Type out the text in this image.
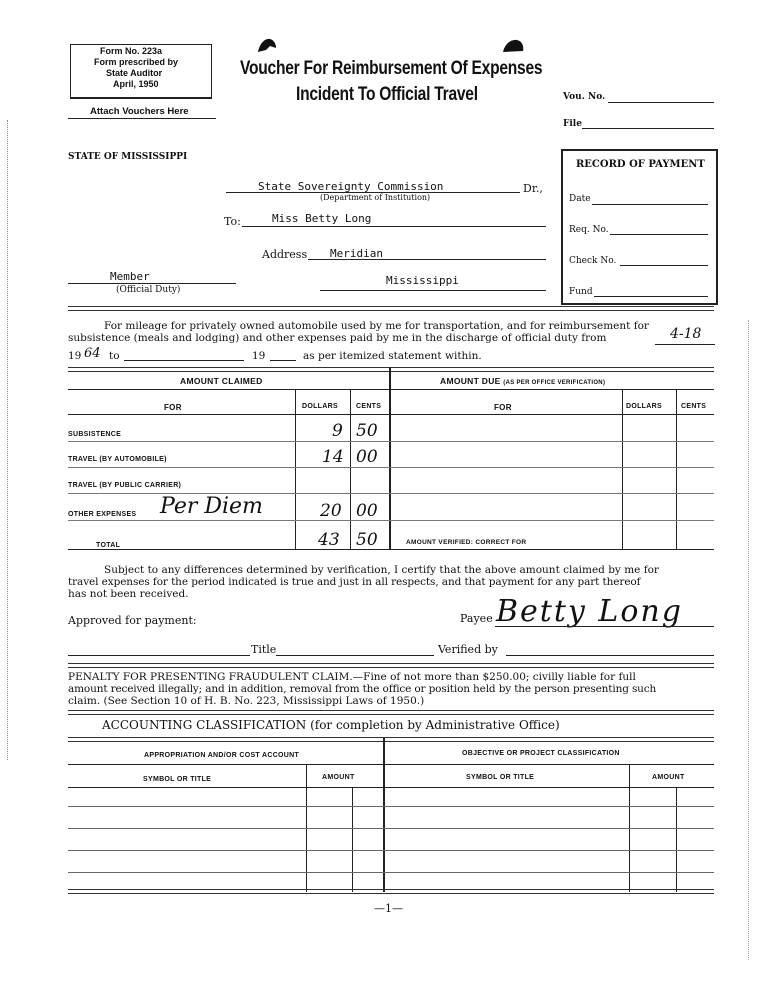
Form No. 223a
Form prescribed by
State Auditor
April, 1950
Attach Vouchers Here
Voucher For Reimbursement Of Expenses
Incident To Official Travel	Vou. No.
File
STATE OF MISSISSIPPI
RECORD OF PAYMENT
Date
Req. No.
Check No.
Fund
State Sovereignty Commission	Dr.,
(Department of Institution)
To:	Miss Betty Long
Address Meridian
Member
(Official Duty)
Mississippi
For mileage for privately owned automobile used by me for transportation, and for reimbursement for
subsistence (meals and lodging) and other expenses paid by me in the discharge of official duty from	4-18
19 64 to	19	as per itemized statement within.
AMOUNT CLAIMED	AMOUNT DUE (AS PER OFFICE VERIFICATION)
FOR	DOLLARS	CENTS	FOR	DOLLARS	CENTS
SUBSISTENCE	9 50
TRAVEL (BY AUTOMOBILE)	14 00
TRAVEL (BY PUBLIC CARRIER)
OTHER EXPENSES Per Diem	20 00
TOTAL	43 50	AMOUNT VERIFIED: CORRECT FOR
Subject to any differences determined by verification, I certify that the above amount claimed by me for
travel expenses for the period indicated is true and just in all respects, and that payment for any part thereof
has not been received.
Approved for payment:	Payee Betty Long
Title	Verified by
PENALTY FOR PRESENTING FRAUDULENT CLAIM.—Fine of not more than $250.00; civilly liable for full
amount received illegally; and in addition, removal from the office or position held by the person presenting such
claim. (See Section 10 of H. B. No. 223, Mississippi Laws of 1950.)
ACCOUNTING CLASSIFICATION (for completion by Administrative Office)
APPROPRIATION AND/OR COST ACCOUNT	OBJECTIVE OR PROJECT CLASSIFICATION
SYMBOL OR TITLE	AMOUNT	SYMBOL OR TITLE	AMOUNT
—1—
